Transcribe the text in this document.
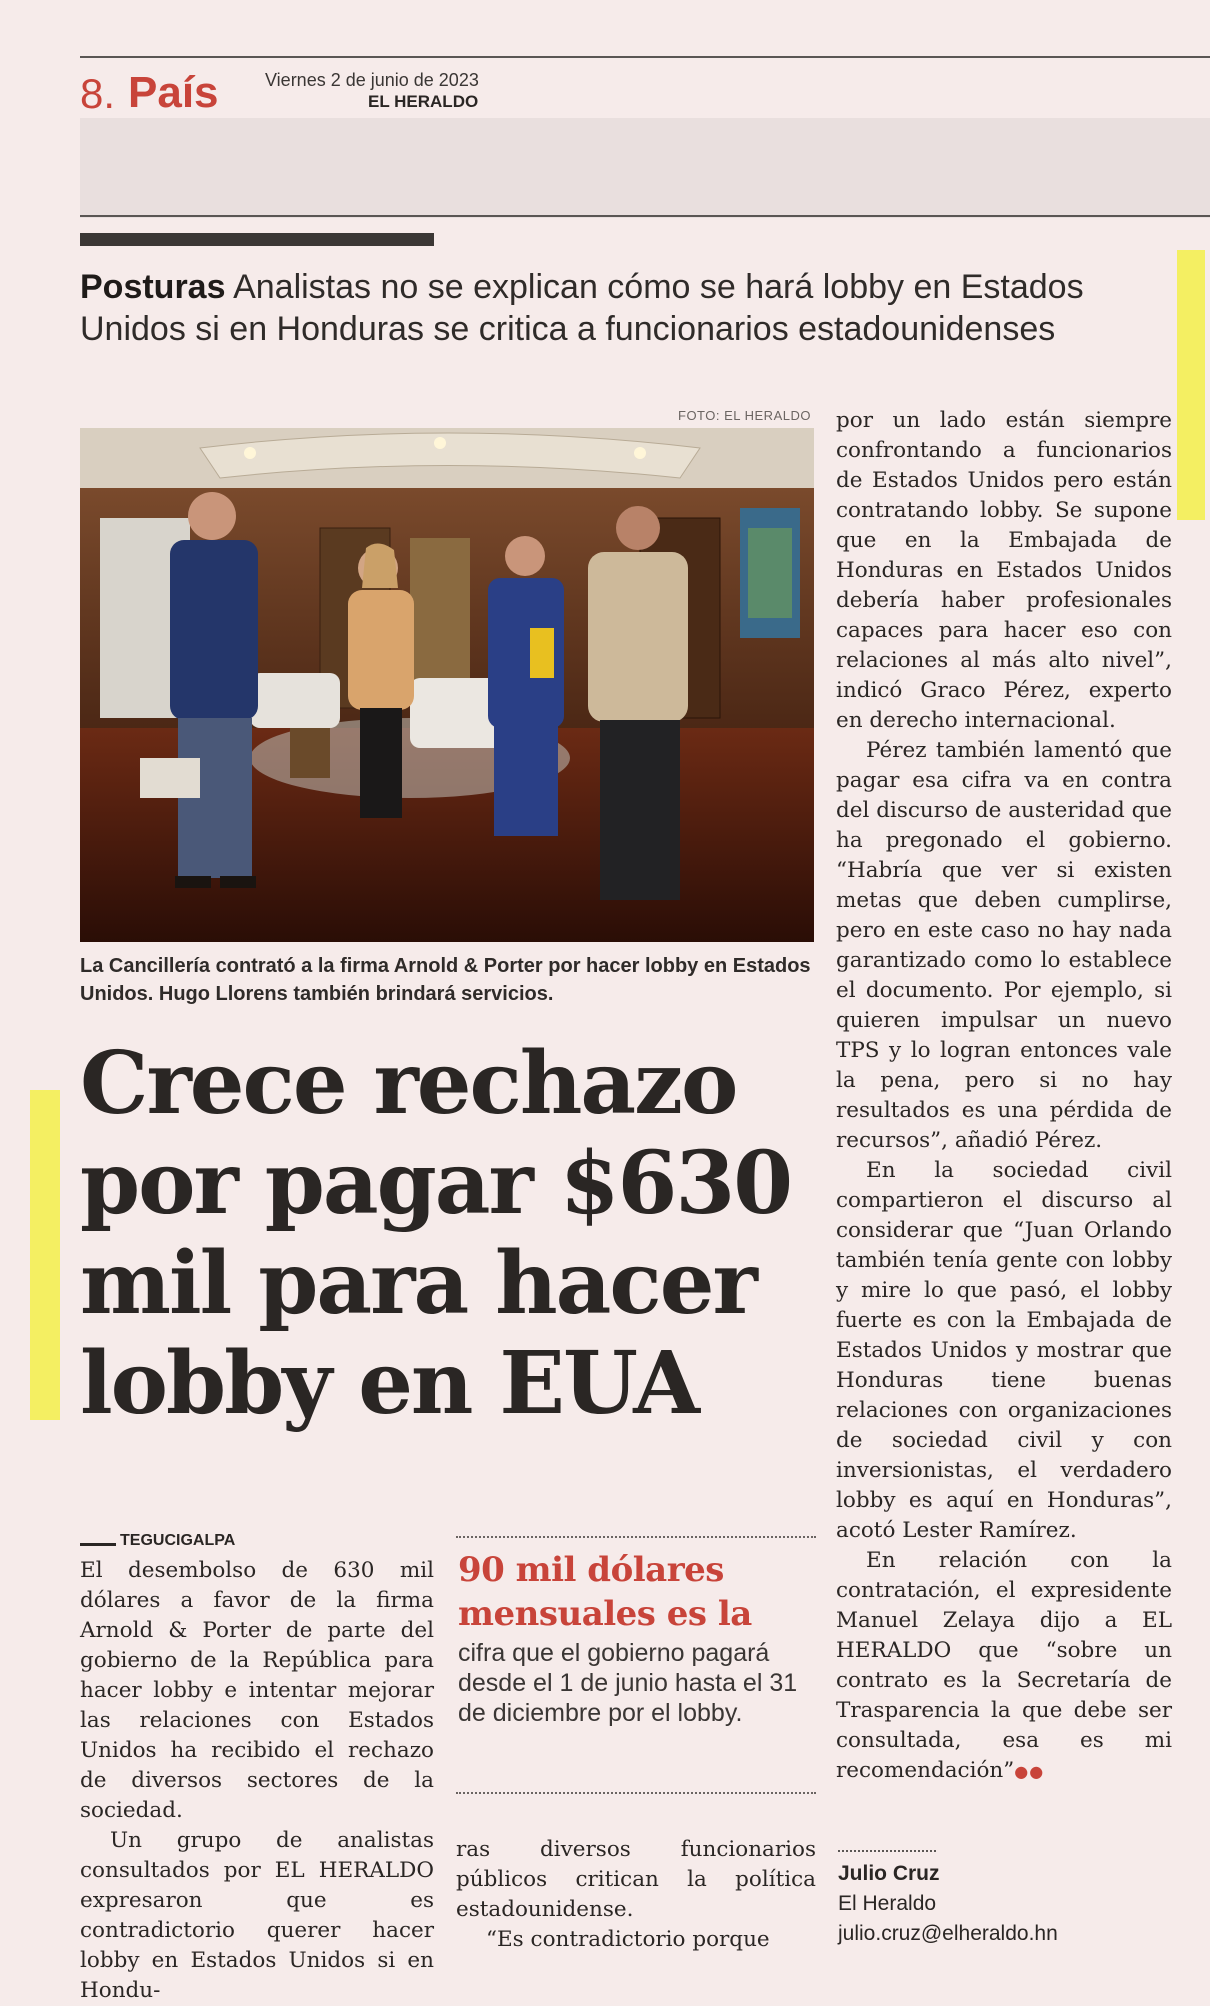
8. País	Viernes 2 de junio de 2023
EL HERALDO
Posturas Analistas no se explican cómo se hará lobby en Estados Unidos si en Honduras se critica a funcionarios estadounidenses
FOTO: EL HERALDO
La Cancillería contrató a la firma Arnold & Porter por hacer lobby en Estados Unidos. Hugo Llorens también brindará servicios.
Crece rechazo por pagar $630 mil para hacer lobby en EUA
TEGUCIGALPA

El desembolso de 630 mil dólares a favor de la firma Arnold & Porter de parte del gobierno de la República para hacer lobby e intentar mejorar las relaciones con Estados Unidos ha recibido el rechazo de diversos sectores de la sociedad.

Un grupo de analistas consultados por EL HERALDO expresaron que es contradictorio querer hacer lobby en Estados Unidos si en Hondu-

90 mil dólares mensuales es la
cifra que el gobierno pagará desde el 1 de junio hasta el 31 de diciembre por el lobby.

ras diversos funcionarios públicos critican la política estadounidense.

“Es contradictorio porque

por un lado están siempre confrontando a funcionarios de Estados Unidos pero están contratando lobby. Se supone que en la Embajada de Honduras en Estados Unidos debería haber profesionales capaces para hacer eso con relaciones al más alto nivel”, indicó Graco Pérez, experto en derecho internacional.

Pérez también lamentó que pagar esa cifra va en contra del discurso de austeridad que ha pregonado el gobierno. “Habría que ver si existen metas que deben cumplirse, pero en este caso no hay nada garantizado como lo establece el documento. Por ejemplo, si quieren impulsar un nuevo TPS y lo logran entonces vale la pena, pero si no hay resultados es una pérdida de recursos”, añadió Pérez.

En la sociedad civil compartieron el discurso al considerar que “Juan Orlando también tenía gente con lobby y mire lo que pasó, el lobby fuerte es con la Embajada de Estados Unidos y mostrar que Honduras tiene buenas relaciones con organizaciones de sociedad civil y con inversionistas, el verdadero lobby es aquí en Honduras”, acotó Lester Ramírez.

En relación con la contratación, el expresidente Manuel Zelaya dijo a EL HERALDO que “sobre un contrato es la Secretaría de Trasparencia la que debe ser consultada, esa es mi recomendación”●●

Julio Cruz
El Heraldo
julio.cruz@elheraldo.hn
